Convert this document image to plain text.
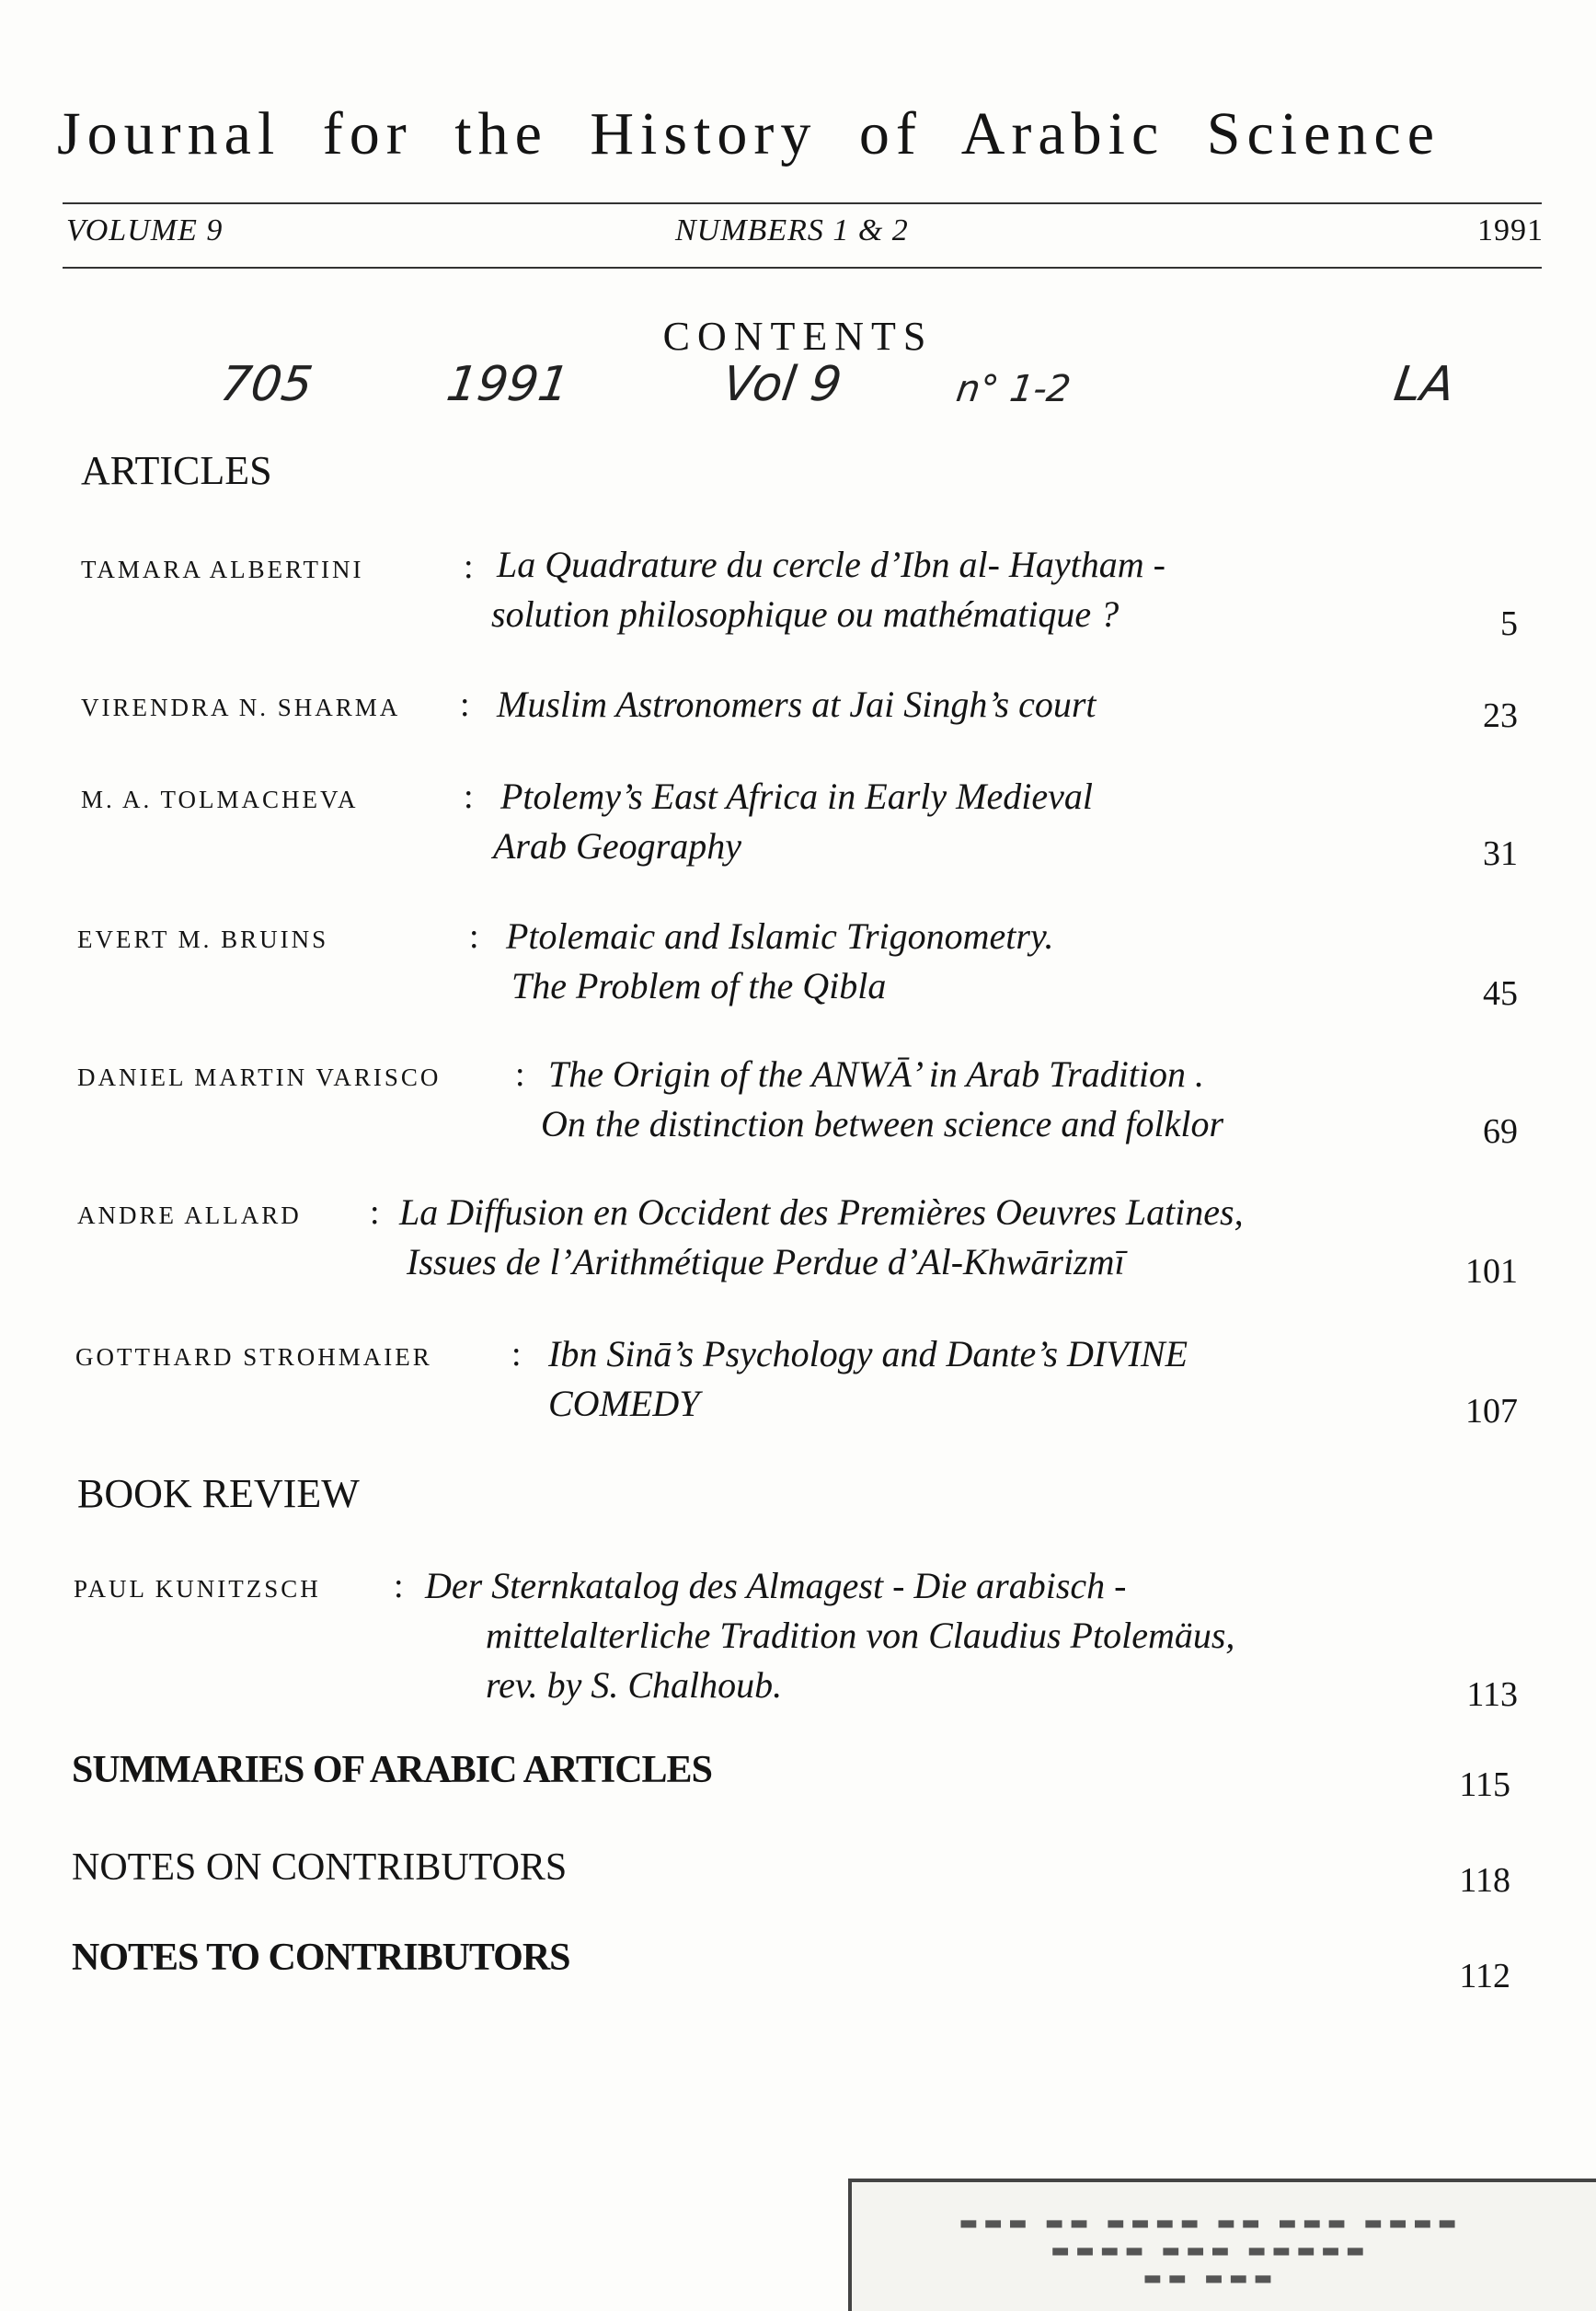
Journal for the History of Arabic Science
VOLUME 9	NUMBERS 1 & 2	1991
CONTENTS
705	1991	Vol 9	n° 1-2	LA
ARTICLES
TAMARA ALBERTINI	: La Quadrature du cercle d’Ibn al- Haytham -
solution philosophique ou mathématique ?	5
VIRENDRA N. SHARMA : Muslim Astronomers at Jai Singh’s court	23
M. A. TOLMACHEVA	: Ptolemy’s East Africa in Early Medieval
Arab Geography	31
EVERT M. BRUINS	: Ptolemaic and Islamic Trigonometry.
The Problem of the Qibla	45
DANIEL MARTIN VARISCO : The Origin of the ANWĀ’ in Arab Tradition .
On the distinction between science and folklor	69
ANDRE ALLARD : La Diffusion en Occident des Premières Oeuvres Latines,
Issues de l’Arithmétique Perdue d’Al-Khwārizmī	101
GOTTHARD STROHMAIER : Ibn Sinā’s Psychology and Dante’s DIVINE
COMEDY	107
BOOK REVIEW
PAUL KUNITZSCH : Der Sternkatalog des Almagest - Die arabisch -
mittelalterliche Tradition von Claudius Ptolemäus,
rev. by S. Chalhoub.	113
SUMMARIES OF ARABIC ARTICLES	115
NOTES ON CONTRIBUTORS	118
NOTES TO CONTRIBUTORS	112
▬▬▬ ▬▬ ▬▬▬▬ ▬▬ ▬▬▬ ▬▬▬▬
▬▬▬▬ ▬▬▬ ▬▬▬▬▬
▬▬ ▬▬▬
